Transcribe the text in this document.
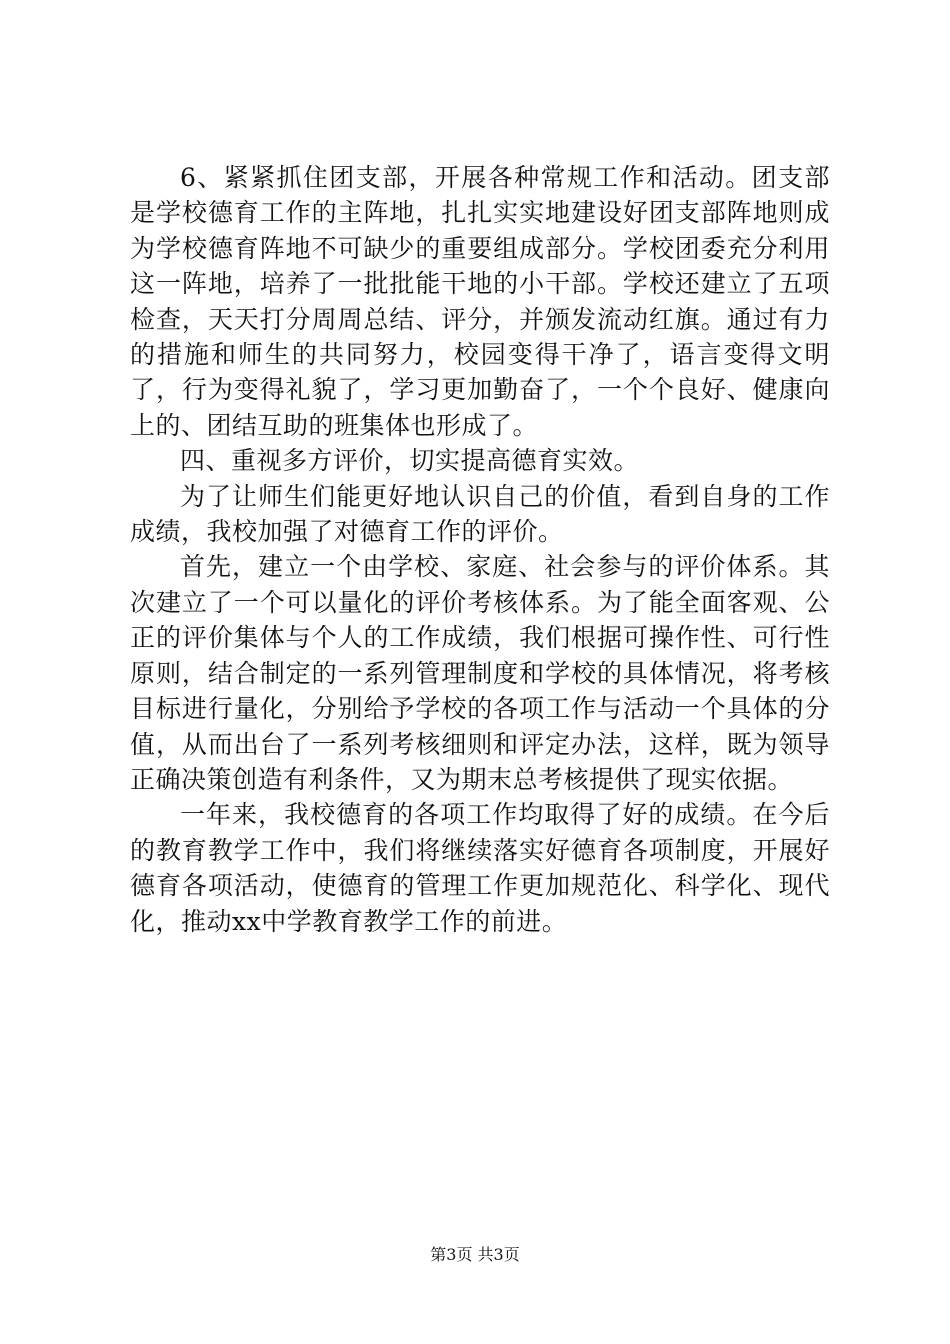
6、紧紧抓住团支部，开展各种常规工作和活动。团支部是学校德育工作的主阵地，扎扎实实地建设好团支部阵地则成为学校德育阵地不可缺少的重要组成部分。学校团委充分利用这一阵地，培养了一批批能干地的小干部。学校还建立了五项检查，天天打分周周总结、评分，并颁发流动红旗。通过有力的措施和师生的共同努力，校园变得干净了，语言变得文明了，行为变得礼貌了，学习更加勤奋了，一个个良好、健康向上的、团结互助的班集体也形成了。

四、重视多方评价，切实提高德育实效。

为了让师生们能更好地认识自己的价值，看到自身的工作成绩，我校加强了对德育工作的评价。

首先，建立一个由学校、家庭、社会参与的评价体系。其次建立了一个可以量化的评价考核体系。为了能全面客观、公正的评价集体与个人的工作成绩，我们根据可操作性、可行性原则，结合制定的一系列管理制度和学校的具体情况，将考核目标进行量化，分别给予学校的各项工作与活动一个具体的分值，从而出台了一系列考核细则和评定办法，这样，既为领导正确决策创造有利条件，又为期末总考核提供了现实依据。

一年来，我校德育的各项工作均取得了好的成绩。在今后的教育教学工作中，我们将继续落实好德育各项制度，开展好德育各项活动，使德育的管理工作更加规范化、科学化、现代化，推动xx中学教育教学工作的前进。

第3页 共3页
